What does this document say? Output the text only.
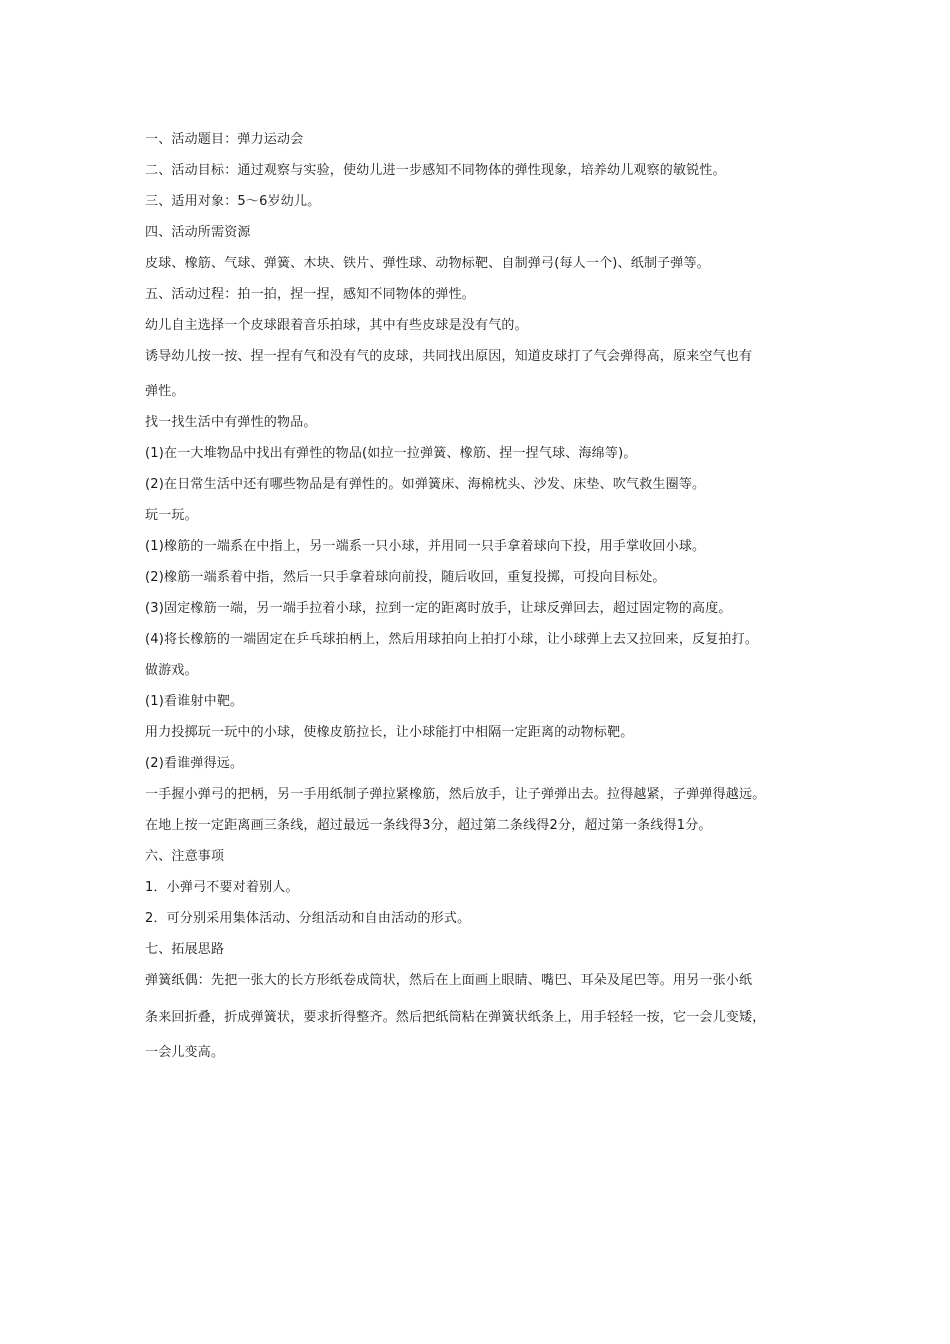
一、活动题目：弹力运动会
二、活动目标：通过观察与实验，使幼儿进一步感知不同物体的弹性现象，培养幼儿观察的敏锐性。
三、适用对象：5～6岁幼儿。
四、活动所需资源
皮球、橡筋、气球、弹簧、木块、铁片、弹性球、动物标靶、自制弹弓(每人一个)、纸制子弹等。
五、活动过程：拍一拍，捏一捏，感知不同物体的弹性。
幼儿自主选择一个皮球跟着音乐拍球，其中有些皮球是没有气的。
诱导幼儿按一按、捏一捏有气和没有气的皮球，共同找出原因，知道皮球打了气会弹得高，原来空气也有
弹性。
找一找生活中有弹性的物品。
(1)在一大堆物品中找出有弹性的物品(如拉一拉弹簧、橡筋、捏一捏气球、海绵等)。
(2)在日常生活中还有哪些物品是有弹性的。如弹簧床、海棉枕头、沙发、床垫、吹气救生圈等。
玩一玩。
(1)橡筋的一端系在中指上，另一端系一只小球，并用同一只手拿着球向下投，用手掌收回小球。
(2)橡筋一端系着中指，然后一只手拿着球向前投，随后收回，重复投掷，可投向目标处。
(3)固定橡筋一端，另一端手拉着小球，拉到一定的距离时放手，让球反弹回去，超过固定物的高度。
(4)将长橡筋的一端固定在乒乓球拍柄上，然后用球拍向上拍打小球，让小球弹上去又拉回来，反复拍打。
做游戏。
(1)看谁射中靶。
用力投掷玩一玩中的小球，使橡皮筋拉长，让小球能打中相隔一定距离的动物标靶。
(2)看谁弹得远。
一手握小弹弓的把柄，另一手用纸制子弹拉紧橡筋，然后放手，让子弹弹出去。拉得越紧，子弹弹得越远。
在地上按一定距离画三条线，超过最远一条线得3分，超过第二条线得2分，超过第一条线得1分。
六、注意事项
1．小弹弓不要对着别人。
2．可分别采用集体活动、分组活动和自由活动的形式。
七、拓展思路
弹簧纸偶：先把一张大的长方形纸卷成筒状，然后在上面画上眼睛、嘴巴、耳朵及尾巴等。用另一张小纸
条来回折叠，折成弹簧状，要求折得整齐。然后把纸筒粘在弹簧状纸条上，用手轻轻一按，它一会儿变矮，
一会儿变高。
